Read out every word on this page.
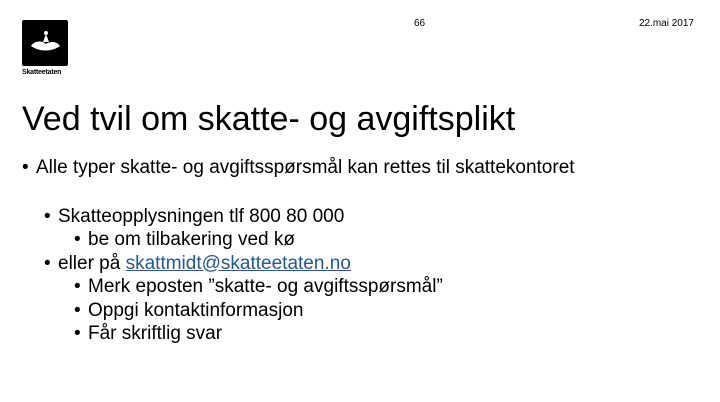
Skatteetaten
66	22.mai 2017
Ved tvil om skatte- og avgiftsplikt
• Alle typer skatte- og avgiftsspørsmål kan rettes til skattekontoret
• Skatteopplysningen tlf 800 80 000
• be om tilbakering ved kø
• eller på skattmidt@skatteetaten.no
• Merk eposten ”skatte- og avgiftsspørsmål”
• Oppgi kontaktinformasjon
• Får skriftlig svar
